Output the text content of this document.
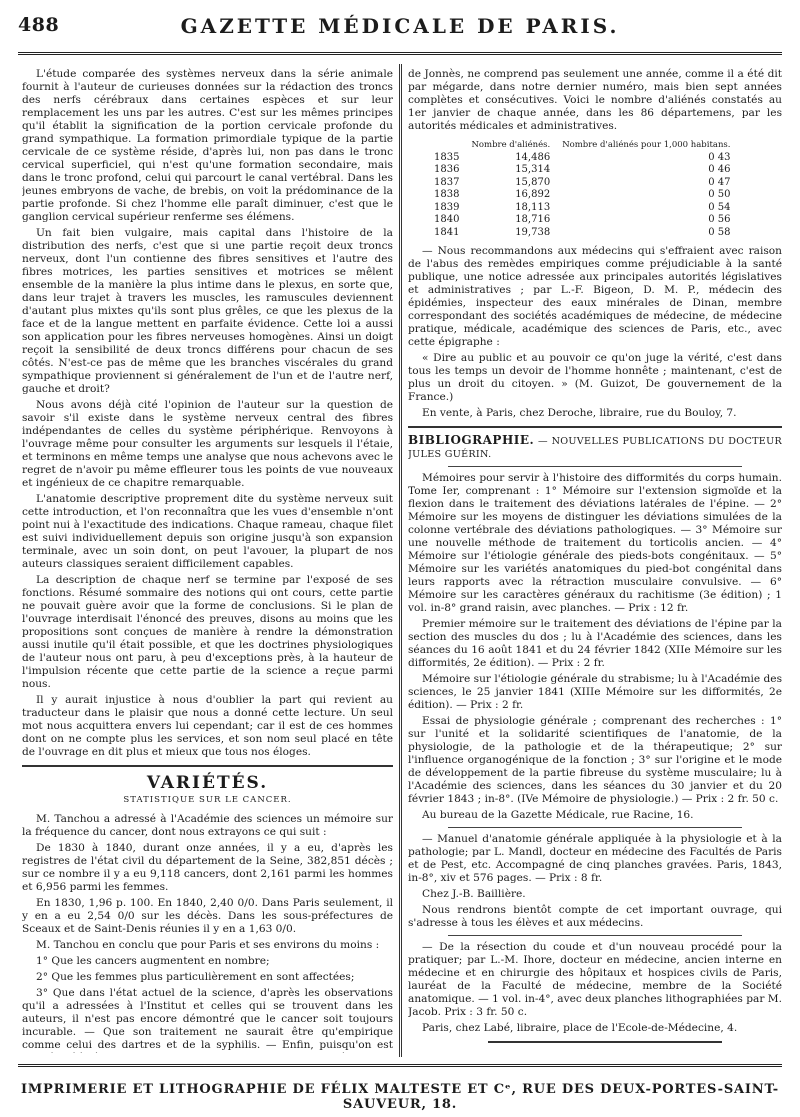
488	GAZETTE MÉDICALE DE PARIS.

L'étude comparée des systèmes nerveux dans la série animale fournit à l'auteur de curieuses données sur la rédaction des troncs des nerfs cérébraux dans certaines espèces et sur leur remplacement les uns par les autres. C'est sur les mêmes principes qu'il établit la signification de la portion cervicale profonde du grand sympathique. La formation primordiale typique de la partie cervicale de ce système réside, d'après lui, non pas dans le tronc cervical superficiel, qui n'est qu'une formation secondaire, mais dans le tronc profond, celui qui parcourt le canal vertébral. Dans les jeunes embryons de vache, de brebis, on voit la prédominance de la partie profonde. Si chez l'homme elle paraît diminuer, c'est que le ganglion cervical supérieur renferme ses élémens.

Un fait bien vulgaire, mais capital dans l'histoire de la distribution des nerfs, c'est que si une partie reçoit deux troncs nerveux, dont l'un contienne des fibres sensitives et l'autre des fibres motrices, les parties sensitives et motrices se mêlent ensemble de la manière la plus intime dans le plexus, en sorte que, dans leur trajet à travers les muscles, les ramuscules deviennent d'autant plus mixtes qu'ils sont plus grêles, ce que les plexus de la face et de la langue mettent en parfaite évidence. Cette loi a aussi son application pour les fibres nerveuses homogènes. Ainsi un doigt reçoit la sensibilité de deux troncs différens pour chacun de ses côtés. N'est-ce pas de même que les branches viscérales du grand sympathique proviennent si généralement de l'un et de l'autre nerf, gauche et droit?

Nous avons déjà cité l'opinion de l'auteur sur la question de savoir s'il existe dans le système nerveux central des fibres indépendantes de celles du système périphérique. Renvoyons à l'ouvrage même pour consulter les arguments sur lesquels il l'étaie, et terminons en même temps une analyse que nous achevons avec le regret de n'avoir pu même effleurer tous les points de vue nouveaux et ingénieux de ce chapitre remarquable.

L'anatomie descriptive proprement dite du système nerveux suit cette introduction, et l'on reconnaîtra que les vues d'ensemble n'ont point nui à l'exactitude des indications. Chaque rameau, chaque filet est suivi individuellement depuis son origine jusqu'à son expansion terminale, avec un soin dont, on peut l'avouer, la plupart de nos auteurs classiques seraient difficilement capables.

La description de chaque nerf se termine par l'exposé de ses fonctions. Résumé sommaire des notions qui ont cours, cette partie ne pouvait guère avoir que la forme de conclusions. Si le plan de l'ouvrage interdisait l'énoncé des preuves, disons au moins que les propositions sont conçues de manière à rendre la démonstration aussi inutile qu'il était possible, et que les doctrines physiologiques de l'auteur nous ont paru, à peu d'exceptions près, à la hauteur de l'impulsion récente que cette partie de la science a reçue parmi nous.

Il y aurait injustice à nous d'oublier la part qui revient au traducteur dans le plaisir que nous a donné cette lecture. Un seul mot nous acquittera envers lui cependant; car il est de ces hommes dont on ne compte plus les services, et son nom seul placé en tête de l'ouvrage en dit plus et mieux que tous nos éloges.

VARIÉTÉS.
STATISTIQUE SUR LE CANCER.

M. Tanchou a adressé à l'Académie des sciences un mémoire sur la fréquence du cancer, dont nous extrayons ce qui suit :

De 1830 à 1840, durant onze années, il y a eu, d'après les registres de l'état civil du département de la Seine, 382,851 décès ; sur ce nombre il y a eu 9,118 cancers, dont 2,161 parmi les hommes et 6,956 parmi les femmes.

En 1830, 1,96 p. 100. En 1840, 2,40 0/0. Dans Paris seulement, il y en a eu 2,54 0/0 sur les décès. Dans les sous-préfectures de Sceaux et de Saint-Denis réunies il y en a 1,63 0/0.

M. Tanchou en conclu que pour Paris et ses environs du moins :

1° Que les cancers augmentent en nombre;

2° Que les femmes plus particulièrement en sont affectées;

3° Que dans l'état actuel de la science, d'après les observations qu'il a adressées à l'Institut et celles qui se trouvent dans les auteurs, il n'est pas encore démontré que le cancer soit toujours incurable. — Que son traitement ne saurait être qu'empirique comme celui des dartres et de la syphilis. — Enfin, puisqu'on est

de Jonnès, ne comprend pas seulement une année, comme il a été dit par mégarde, dans notre dernier numéro, mais bien sept années complètes et consécutives. Voici le nombre d'aliénés constatés au 1er janvier de chaque année, dans les 86 départemens, par les autorités médicales et administratives.

	Nombre d'aliénés.	Nombre d'aliénés pour 1,000 habitans.
1835	14,486	0 43
1836	15,314	0 46
1837	15,870	0 47
1838	16,892	0 50
1839	18,113	0 54
1840	18,716	0 56
1841	19,738	0 58

— Nous recommandons aux médecins qui s'effraient avec raison de l'abus des remèdes empiriques comme préjudiciable à la santé publique, une notice adressée aux principales autorités législatives et administratives ; par L.-F. Bigeon, D. M. P., médecin des épidémies, inspecteur des eaux minérales de Dinan, membre correspondant des sociétés académiques de médecine, de médecine pratique, médicale, académique des sciences de Paris, etc., avec cette épigraphe :

« Dire au public et au pouvoir ce qu'on juge la vérité, c'est dans tous les temps un devoir de l'homme honnête ; maintenant, c'est de plus un droit du citoyen. » (M. Guizot, De gouvernement de la France.)

En vente, à Paris, chez Deroche, libraire, rue du Bouloy, 7.

BIBLIOGRAPHIE. — NOUVELLES PUBLICATIONS DU DOCTEUR JULES GUÉRIN.

Mémoires pour servir à l'histoire des difformités du corps humain. Tome Ier, comprenant : 1° Mémoire sur l'extension sigmoïde et la flexion dans le traitement des déviations latérales de l'épine. — 2° Mémoire sur les moyens de distinguer les déviations simulées de la colonne vertébrale des déviations pathologiques. — 3° Mémoire sur une nouvelle méthode de traitement du torticolis ancien. — 4° Mémoire sur l'étiologie générale des pieds-bots congénitaux. — 5° Mémoire sur les variétés anatomiques du pied-bot congénital dans leurs rapports avec la rétraction musculaire convulsive. — 6° Mémoire sur les caractères généraux du rachitisme (3e édition) ; 1 vol. in-8° grand raisin, avec planches. — Prix : 12 fr.

Premier mémoire sur le traitement des déviations de l'épine par la section des muscles du dos ; lu à l'Académie des sciences, dans les séances du 16 août 1841 et du 24 février 1842 (XIIe Mémoire sur les difformités, 2e édition). — Prix : 2 fr.

Mémoire sur l'étiologie générale du strabisme; lu à l'Académie des sciences, le 25 janvier 1841 (XIIIe Mémoire sur les difformités, 2e édition). — Prix : 2 fr.

Essai de physiologie générale ; comprenant des recherches : 1° sur l'unité et la solidarité scientifiques de l'anatomie, de la physiologie, de la pathologie et de la thérapeutique; 2° sur l'influence organogénique de la fonction ; 3° sur l'origine et le mode de développement de la partie fibreuse du système musculaire; lu à l'Académie des sciences, dans les séances du 30 janvier et du 20 février 1843 ; in-8°. (IVe Mémoire de physiologie.) — Prix : 2 fr. 50 c.

Au bureau de la Gazette Médicale, rue Racine, 16.

— Manuel d'anatomie générale appliquée à la physiologie et à la pathologie; par L. Mandl, docteur en médecine des Facultés de Paris et de Pest, etc. Accompagné de cinq planches gravées. Paris, 1843, in-8°, xiv et 576 pages. — Prix : 8 fr.

Chez J.-B. Baillière.

Nous rendrons bientôt compte de cet important ouvrage, qui s'adresse à tous les élèves et aux médecins.

— De la résection du coude et d'un nouveau procédé pour la pratiquer; par L.-M. Ihore, docteur en médecine, ancien interne en médecine et en chirurgie des hôpitaux et hospices civils de Paris, lauréat de la Faculté de médecine, membre de la Société anatomique. — 1 vol. in-4°, avec deux planches lithographiées par M. Jacob. Prix : 3 fr. 50 c.

Paris, chez Labé, libraire, place de l'Ecole-de-Médecine, 4.

IMPRIMERIE ET LITHOGRAPHIE DE FÉLIX MALTESTE ET Cᵉ, RUE DES DEUX-PORTES-SAINT-SAUVEUR, 18.
